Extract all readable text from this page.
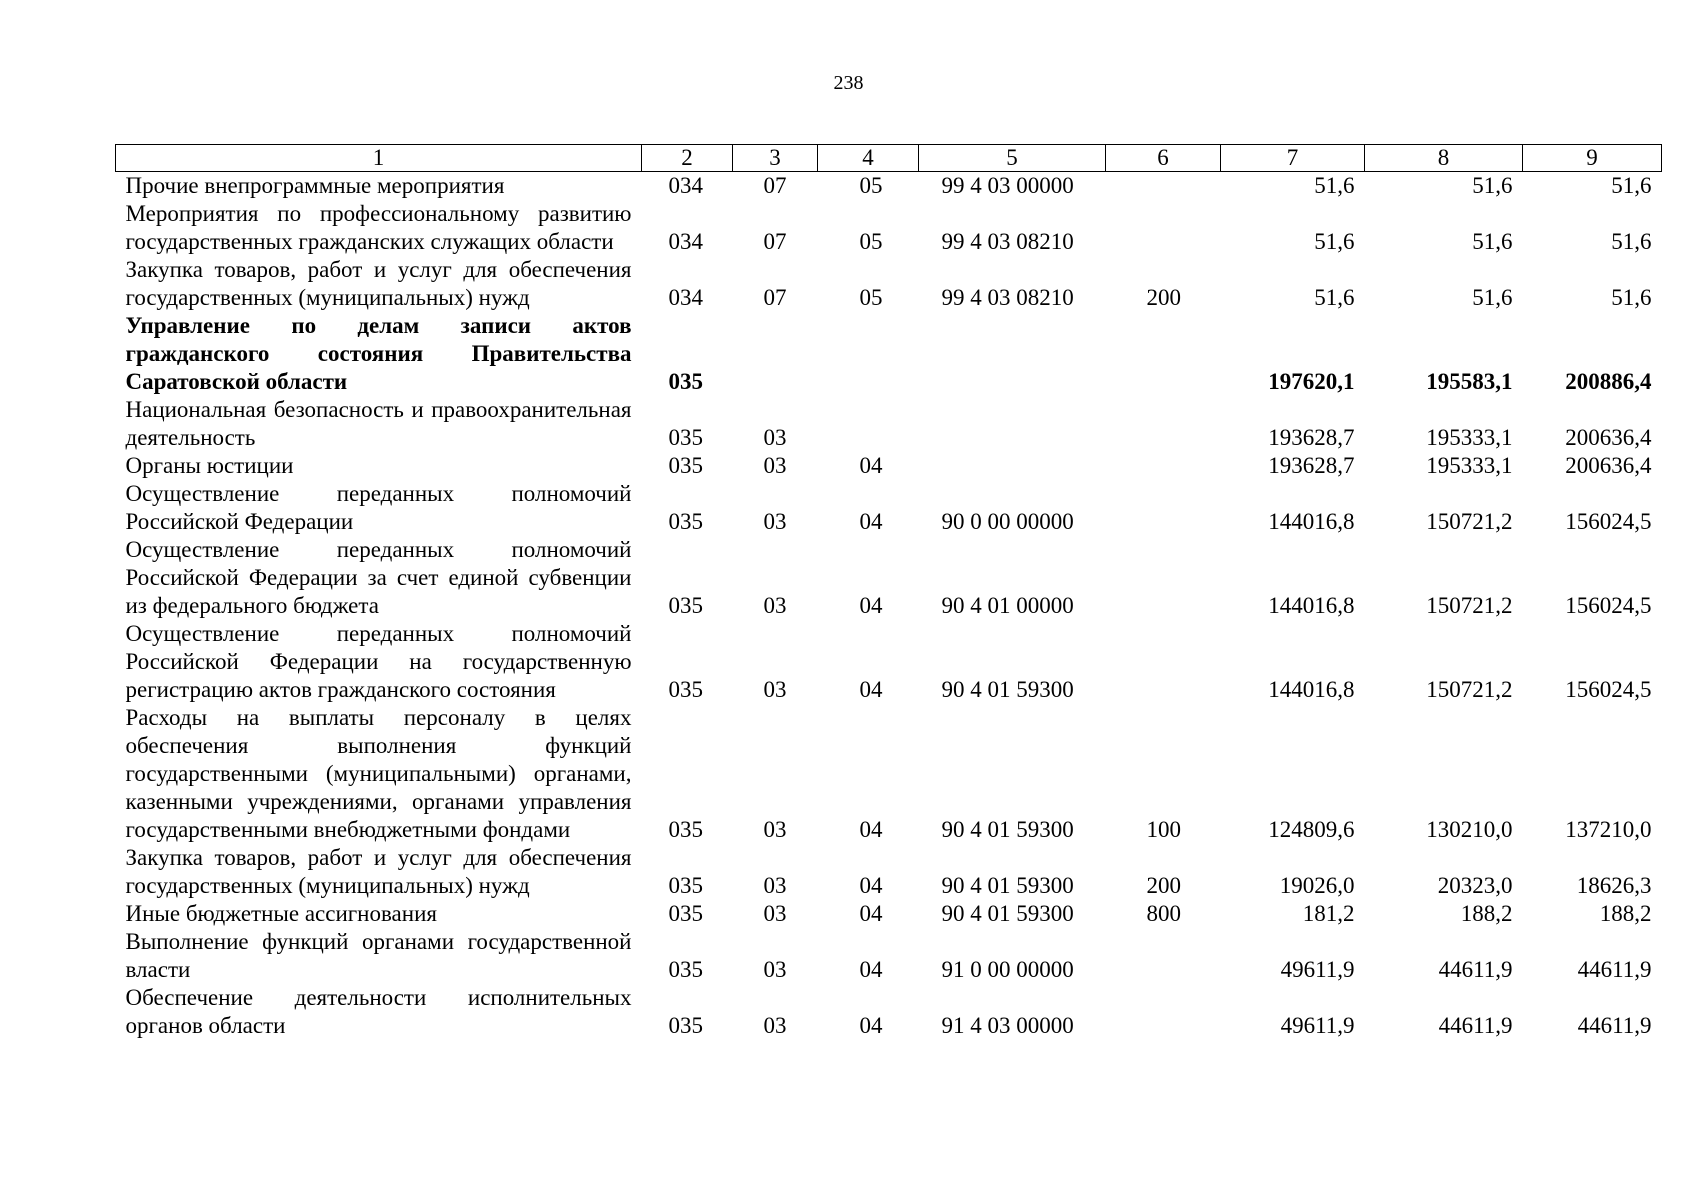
238
1	2	3	4	5	6	7	8	9
Прочие внепрограммные мероприятия	034	07	05	99 4 03 00000		51,6	51,6	51,6
Мероприятия по профессиональному развитию государственных гражданских служащих области	034	07	05	99 4 03 08210		51,6	51,6	51,6
Закупка товаров, работ и услуг для обеспечения государственных (муниципальных) нужд	034	07	05	99 4 03 08210	200	51,6	51,6	51,6
Управление по делам записи актов гражданского состояния Правительства Саратовской области	035					197620,1	195583,1	200886,4
Национальная безопасность и правоохранительная деятельность	035	03				193628,7	195333,1	200636,4
Органы юстиции	035	03	04			193628,7	195333,1	200636,4
Осуществление переданных полномочий Российской Федерации	035	03	04	90 0 00 00000		144016,8	150721,2	156024,5
Осуществление переданных полномочий Российской Федерации за счет единой субвенции из федерального бюджета	035	03	04	90 4 01 00000		144016,8	150721,2	156024,5
Осуществление переданных полномочий Российской Федерации на государственную регистрацию актов гражданского состояния	035	03	04	90 4 01 59300		144016,8	150721,2	156024,5
Расходы на выплаты персоналу в целях обеспечения выполнения функций государственными (муниципальными) органами, казенными учреждениями, органами управления государственными внебюджетными фондами	035	03	04	90 4 01 59300	100	124809,6	130210,0	137210,0
Закупка товаров, работ и услуг для обеспечения государственных (муниципальных) нужд	035	03	04	90 4 01 59300	200	19026,0	20323,0	18626,3
Иные бюджетные ассигнования	035	03	04	90 4 01 59300	800	181,2	188,2	188,2
Выполнение функций органами государственной власти	035	03	04	91 0 00 00000		49611,9	44611,9	44611,9
Обеспечение деятельности исполнительных органов области	035	03	04	91 4 03 00000		49611,9	44611,9	44611,9
